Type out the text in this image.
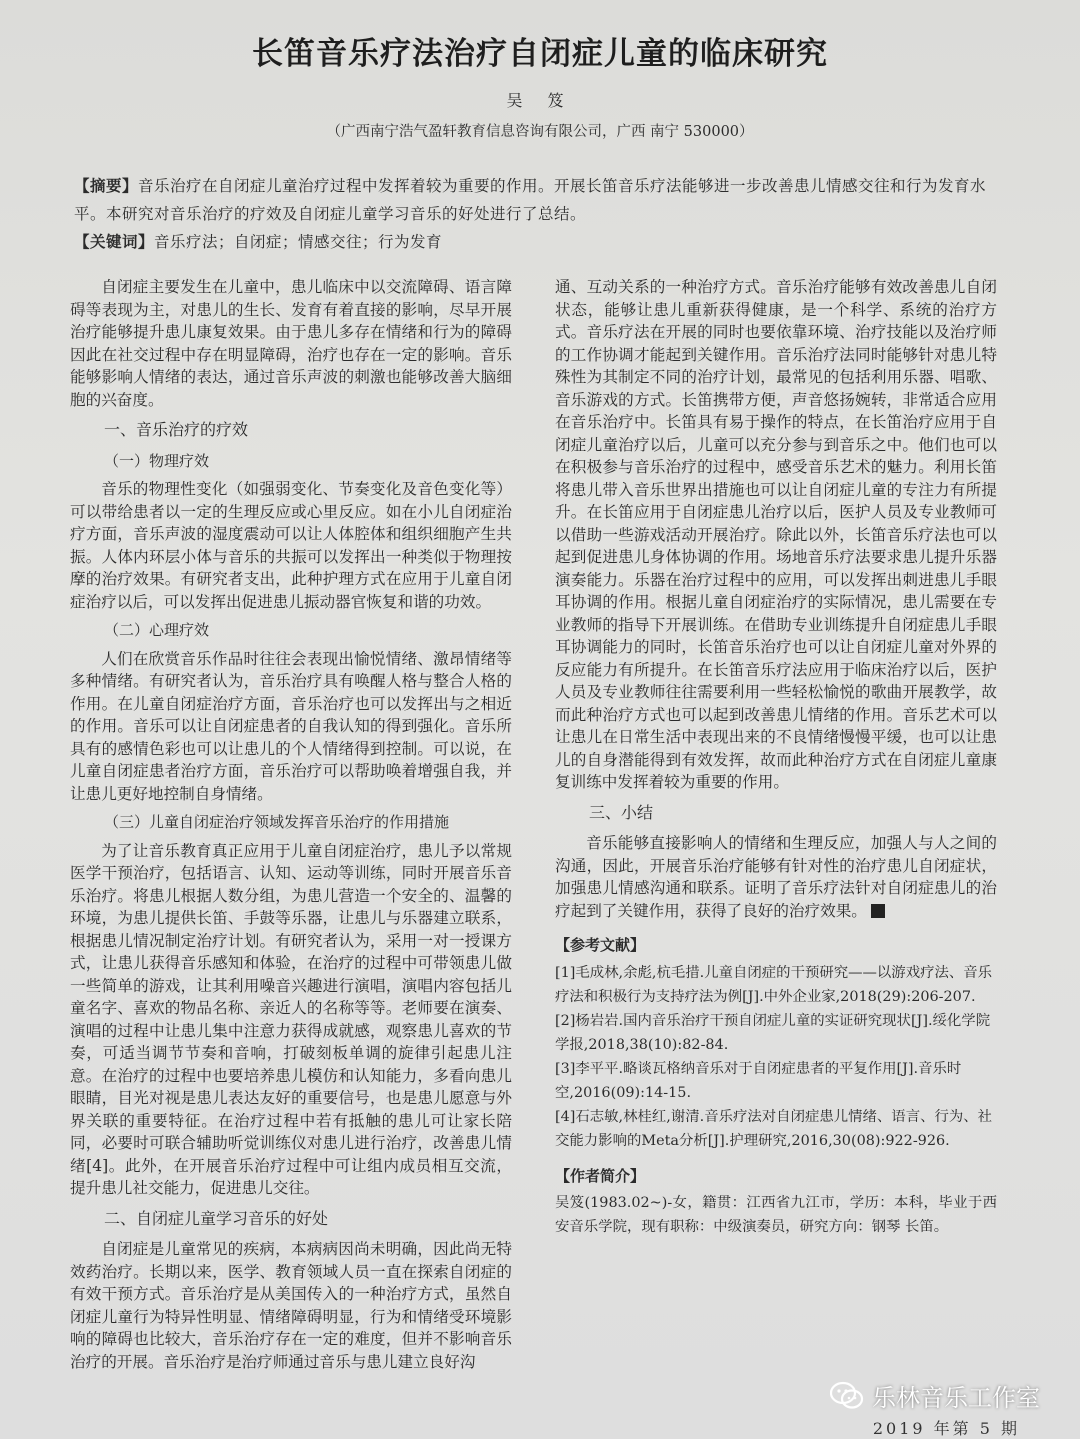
长笛音乐疗法治疗自闭症儿童的临床研究
吴 笈
（广西南宁浩气盈轩教育信息咨询有限公司，广西 南宁 530000）
【摘要】音乐治疗在自闭症儿童治疗过程中发挥着较为重要的作用。开展长笛音乐疗法能够进一步改善患儿情感交往和行为发育水平。本研究对音乐治疗的疗效及自闭症儿童学习音乐的好处进行了总结。
【关键词】音乐疗法；自闭症；情感交往；行为发育

自闭症主要发生在儿童中，患儿临床中以交流障碍、语言障碍等表现为主，对患儿的生长、发育有着直接的影响，尽早开展治疗能够提升患儿康复效果。由于患儿多存在情绪和行为的障碍因此在社交过程中存在明显障碍，治疗也存在一定的影响。音乐能够影响人情绪的表达，通过音乐声波的刺激也能够改善大脑细胞的兴奋度。

一、音乐治疗的疗效
（一）物理疗效

音乐的物理性变化（如强弱变化、节奏变化及音色变化等）可以带给患者以一定的生理反应或心里反应。如在小儿自闭症治疗方面，音乐声波的湿度震动可以让人体腔体和组织细胞产生共振。人体内环层小体与音乐的共振可以发挥出一种类似于物理按摩的治疗效果。有研究者支出，此种护理方式在应用于儿童自闭症治疗以后，可以发挥出促进患儿振动器官恢复和谐的功效。

（二）心理疗效

人们在欣赏音乐作品时往往会表现出愉悦情绪、激昂情绪等多种情绪。有研究者认为，音乐治疗具有唤醒人格与整合人格的作用。在儿童自闭症治疗方面，音乐治疗也可以发挥出与之相近的作用。音乐可以让自闭症患者的自我认知的得到强化。音乐所具有的感情色彩也可以让患儿的个人情绪得到控制。可以说，在儿童自闭症患者治疗方面，音乐治疗可以帮助唤着增强自我，并让患儿更好地控制自身情绪。

（三）儿童自闭症治疗领域发挥音乐治疗的作用措施

为了让音乐教育真正应用于儿童自闭症治疗，患儿予以常规医学干预治疗，包括语言、认知、运动等训练，同时开展音乐音乐治疗。将患儿根据人数分组，为患儿营造一个安全的、温馨的环境，为患儿提供长笛、手鼓等乐器，让患儿与乐器建立联系，根据患儿情况制定治疗计划。有研究者认为，采用一对一授课方式，让患儿获得音乐感知和体验，在治疗的过程中可带领患儿做一些简单的游戏，让其利用噪音兴趣进行演唱，演唱内容包括儿童名字、喜欢的物品名称、亲近人的名称等等。老师要在演奏、演唱的过程中让患儿集中注意力获得成就感，观察患儿喜欢的节奏，可适当调节节奏和音响，打破刻板单调的旋律引起患儿注意。在治疗的过程中也要培养患儿模仿和认知能力，多看向患儿眼睛，目光对视是患儿表达友好的重要信号，也是患儿愿意与外界关联的重要特征。在治疗过程中若有抵触的患儿可让家长陪同，必要时可联合辅助听觉训练仪对患儿进行治疗，改善患儿情绪[4]。此外，在开展音乐治疗过程中可让组内成员相互交流，提升患儿社交能力，促进患儿交往。

二、自闭症儿童学习音乐的好处

自闭症是儿童常见的疾病，本病病因尚未明确，因此尚无特效药治疗。长期以来，医学、教育领域人员一直在探索自闭症的有效干预方式。音乐治疗是从美国传入的一种治疗方式，虽然自闭症儿童行为特异性明显、情绪障碍明显，行为和情绪受环境影响的障碍也比较大，音乐治疗存在一定的难度，但并不影响音乐治疗的开展。音乐治疗是治疗师通过音乐与患儿建立良好沟

通、互动关系的一种治疗方式。音乐治疗能够有效改善患儿自闭状态，能够让患儿重新获得健康，是一个科学、系统的治疗方式。音乐疗法在开展的同时也要依靠环境、治疗技能以及治疗师的工作协调才能起到关键作用。音乐治疗法同时能够针对患儿特殊性为其制定不同的治疗计划，最常见的包括利用乐器、唱歌、音乐游戏的方式。长笛携带方便，声音悠扬婉转，非常适合应用在音乐治疗中。长笛具有易于操作的特点，在长笛治疗应用于自闭症儿童治疗以后，儿童可以充分参与到音乐之中。他们也可以在积极参与音乐治疗的过程中，感受音乐艺术的魅力。利用长笛将患儿带入音乐世界出措施也可以让自闭症儿童的专注力有所提升。在长笛应用于自闭症患儿治疗以后，医护人员及专业教师可以借助一些游戏活动开展治疗。除此以外，长笛音乐疗法也可以起到促进患儿身体协调的作用。场地音乐疗法要求患儿提升乐器演奏能力。乐器在治疗过程中的应用，可以发挥出刺进患儿手眼耳协调的作用。根据儿童自闭症治疗的实际情况，患儿需要在专业教师的指导下开展训练。在借助专业训练提升自闭症患儿手眼耳协调能力的同时，长笛音乐治疗也可以让自闭症儿童对外界的反应能力有所提升。在长笛音乐疗法应用于临床治疗以后，医护人员及专业教师往往需要利用一些轻松愉悦的歌曲开展教学，故而此种治疗方式也可以起到改善患儿情绪的作用。音乐艺术可以让患儿在日常生活中表现出来的不良情绪慢慢平缓，也可以让患儿的自身潜能得到有效发挥，故而此种治疗方式在自闭症儿童康复训练中发挥着较为重要的作用。

三、小结

音乐能够直接影响人的情绪和生理反应，加强人与人之间的沟通，因此，开展音乐治疗能够有针对性的治疗患儿自闭症状，加强患儿情感沟通和联系。证明了音乐疗法针对自闭症患儿的治疗起到了关键作用，获得了良好的治疗效果。

【参考文献】

[1]毛成林,余彪,杭毛措.儿童自闭症的干预研究——以游戏疗法、音乐疗法和积极行为支持疗法为例[J].中外企业家,2018(29):206-207.

[2]杨岩岩.国内音乐治疗干预自闭症儿童的实证研究现状[J].绥化学院学报,2018,38(10):82-84.

[3]李平平.略谈瓦格纳音乐对于自闭症患者的平复作用[J].音乐时空,2016(09):14-15.

[4]石志敏,林桂红,谢清.音乐疗法对自闭症患儿情绪、语言、行为、社交能力影响的Meta分析[J].护理研究,2016,30(08):922-926.

【作者简介】

吴笈(1983.02~)-女，籍贯：江西省九江市，学历：本科，毕业于西安音乐学院，现有职称：中级演奏员，研究方向：钢琴 长笛。

乐林音乐工作室
2019 年第 5 期
